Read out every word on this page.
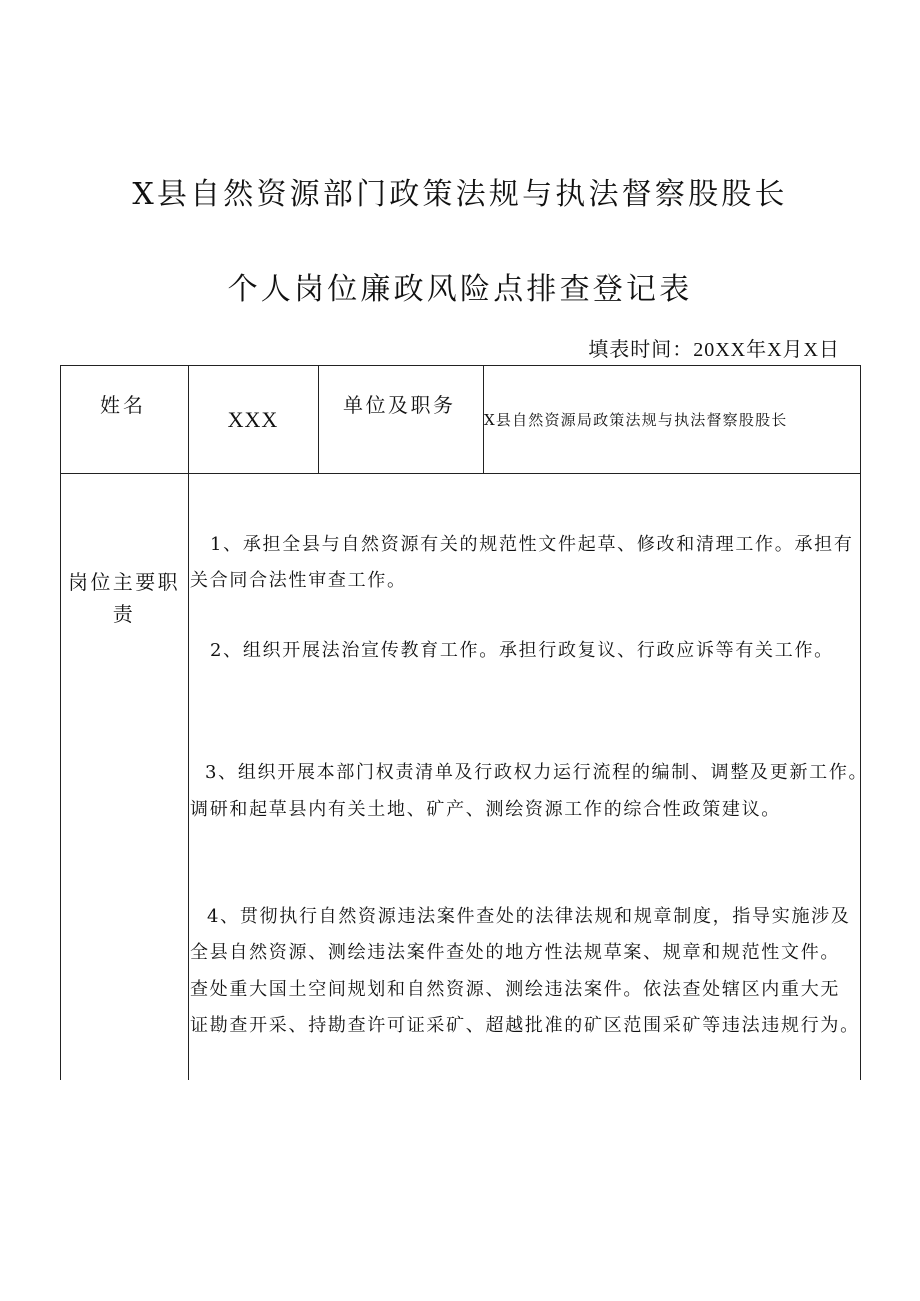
X县自然资源部门政策法规与执法督察股股长
个人岗位廉政风险点排查登记表
填表时间：20XX年X月X日
姓名
XXX
单位及职务
X县自然资源局政策法规与执法督察股股长
岗位主要职责
1、承担全县与自然资源有关的规范性文件起草、修改和清理工作。承担有
关合同合法性审查工作。
2、组织开展法治宣传教育工作。承担行政复议、行政应诉等有关工作。
3、组织开展本部门权责清单及行政权力运行流程的编制、调整及更新工作。
调研和起草县内有关土地、矿产、测绘资源工作的综合性政策建议。
4、贯彻执行自然资源违法案件查处的法律法规和规章制度，指导实施涉及
全县自然资源、测绘违法案件查处的地方性法规草案、规章和规范性文件。
查处重大国土空间规划和自然资源、测绘违法案件。依法查处辖区内重大无
证勘查开采、持勘查许可证采矿、超越批准的矿区范围采矿等违法违规行为。
